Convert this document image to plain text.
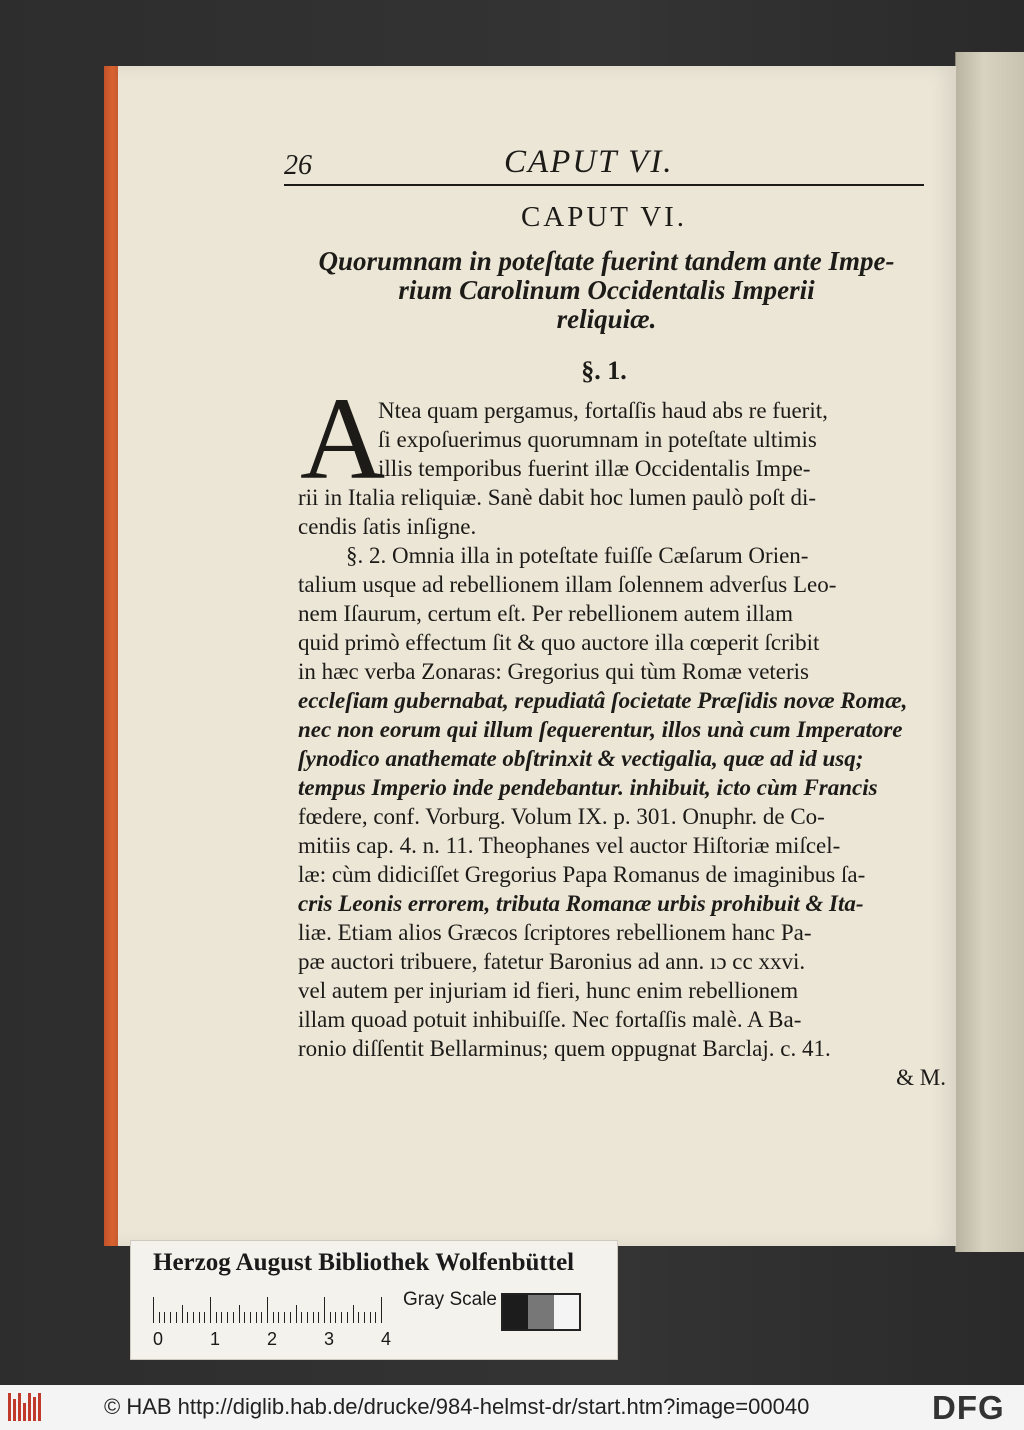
26	CAPUT VI.
CAPUT VI.
Quorumnam in poteſtate fuerint tandem ante Impe-
rium Carolinum Occidentalis Imperii
reliquiæ.
§. 1.
A
Ntea quam pergamus, fortaſſis haud abs re fuerit,
ſi expoſuerimus quorumnam in poteſtate ultimis
illis temporibus fuerint illæ Occidentalis Impe-
rii in Italia reliquiæ. Sanè dabit hoc lumen paulò poſt di-
cendis ſatis inſigne.
§. 2. Omnia illa in poteſtate fuiſſe Cæſarum Orien-
talium usque ad rebellionem illam ſolennem adverſus Leo-
nem Iſaurum, certum eſt. Per rebellionem autem illam
quid primò effectum ſit & quo auctore illa cœperit ſcribit
in hæc verba Zonaras: Gregorius qui tùm Romæ veteris
eccleſiam gubernabat, repudiatâ ſocietate Præſidis novæ Romæ,
nec non eorum qui illum ſequerentur, illos unà cum Imperatore
ſynodico anathemate obſtrinxit & vectigalia, quæ ad id usq;
tempus Imperio inde pendebantur. inhibuit, icto cùm Francis
fœdere, conf. Vorburg. Volum IX. p. 301. Onuphr. de Co-
mitiis cap. 4. n. 11. Theophanes vel auctor Hiſtoriæ miſcel-
læ: cùm didiciſſet Gregorius Papa Romanus de imaginibus ſa-
cris Leonis errorem, tributa Romanæ urbis prohibuit & Ita-
liæ. Etiam alios Græcos ſcriptores rebellionem hanc Pa-
pæ auctori tribuere, fatetur Baronius ad ann. ıɔ cc xxvi.
vel autem per injuriam id fieri, hunc enim rebellionem
illam quoad potuit inhibuiſſe. Nec fortaſſis malè. A Ba-
ronio diſſentit Bellarminus; quem oppugnat Barclaj. c. 41.
& M.
Herzog August Bibliothek Wolfenbüttel
0	1	2	3	4
Gray Scale
© HAB http://diglib.hab.de/drucke/984-helmst-dr/start.htm?image=00040	DFG
